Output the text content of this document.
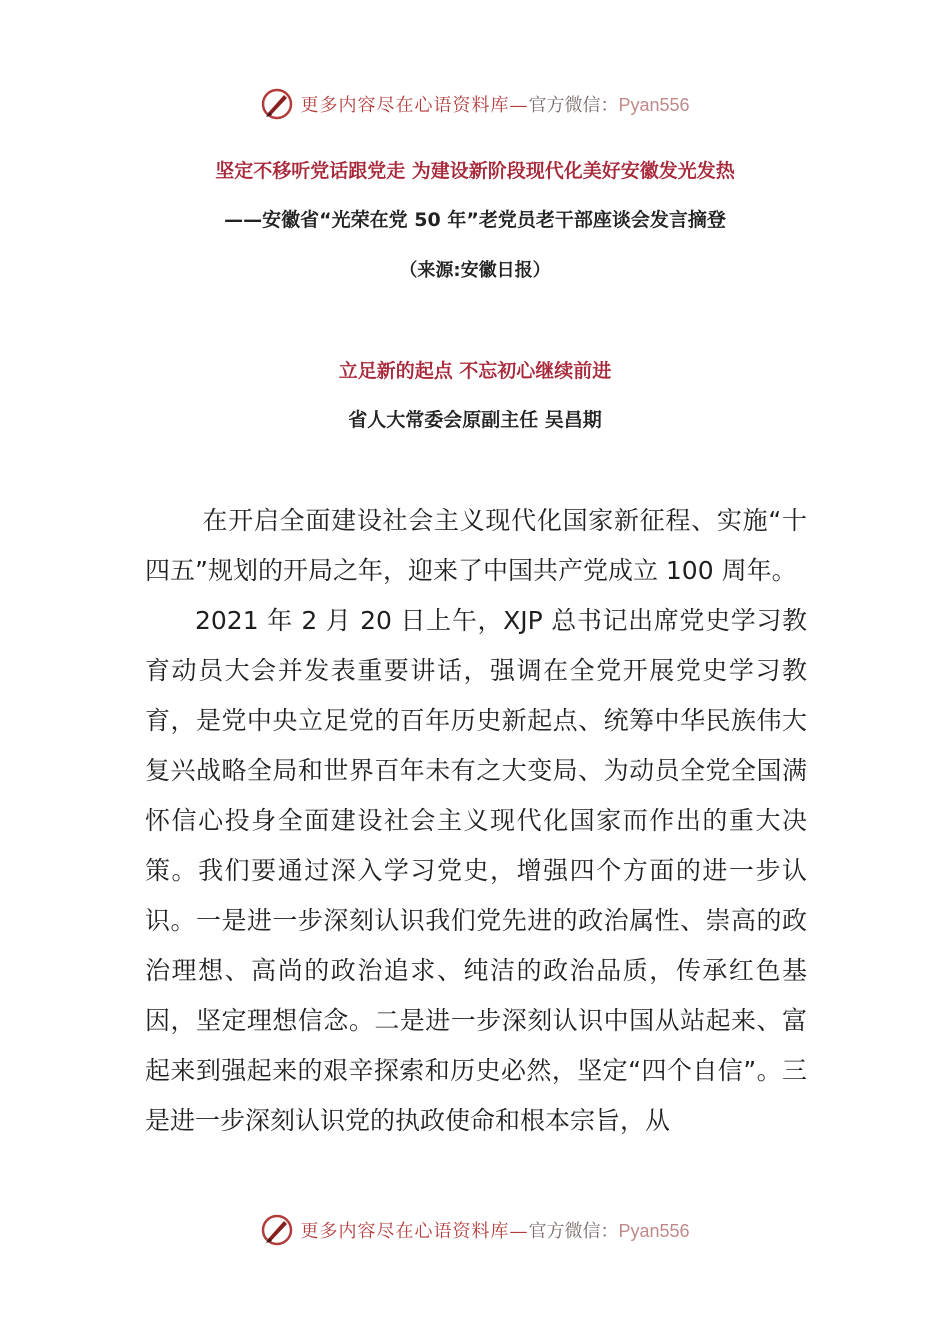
更多内容尽在心语资料库— 官方微信：Pyan556
坚定不移听党话跟党走 为建设新阶段现代化美好安徽发光发热
——安徽省“光荣在党 50 年”老党员老干部座谈会发言摘登
（来源:安徽日报）
立足新的起点 不忘初心继续前进
省人大常委会原副主任 吴昌期

在开启全面建设社会主义现代化国家新征程、实施“十四五”规划的开局之年，迎来了中国共产党成立 100 周年。

2021 年 2 月 20 日上午，XJP 总书记出席党史学习教育动员大会并发表重要讲话，强调在全党开展党史学习教育，是党中央立足党的百年历史新起点、统筹中华民族伟大复兴战略全局和世界百年未有之大变局、为动员全党全国满怀信心投身全面建设社会主义现代化国家而作出的重大决策。我们要通过深入学习党史，增强四个方面的进一步认识。一是进一步深刻认识我们党先进的政治属性、崇高的政治理想、高尚的政治追求、纯洁的政治品质，传承红色基因，坚定理想信念。二是进一步深刻认识中国从站起来、富起来到强起来的艰辛探索和历史必然，坚定“四个自信”。三是进一步深刻认识党的执政使命和根本宗旨，从

更多内容尽在心语资料库— 官方微信：Pyan556
